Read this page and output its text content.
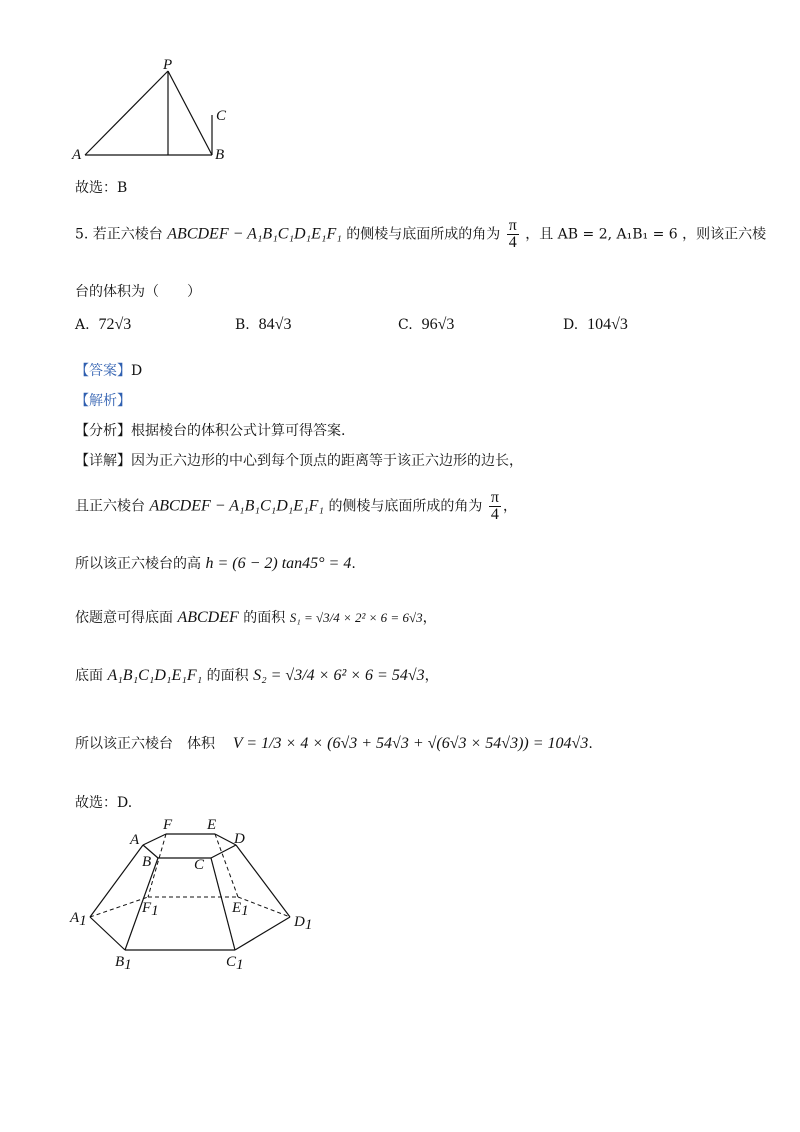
P
A	B
C
故选：B
5. 若正六棱台 ABCDEF − A₁B₁C₁D₁E₁F₁ 的侧棱与底面所成的角为 $\frac{\pi}{4}$ ，且 AB = 2, A₁B₁ = 6 ，则该正六棱
台的体积为（　　）
A. 72√3	B. 84√3	C. 96√3	D. 104√3
【答案】D
【解析】
【分析】根据棱台的体积公式计算可得答案.
【详解】因为正六边形的中心到每个顶点的距离等于该正六边形的边长，
且正六棱台 ABCDEF − A₁B₁C₁D₁E₁F₁ 的侧棱与底面所成的角为 $\frac{\pi}{4}$ ，
所以该正六棱台的高 h = (6 − 2) tan45° = 4.
依题意可得底面 ABCDEF 的面积 S₁ = √3/4 × 2² × 6 = 6√3，
底面 A₁B₁C₁D₁E₁F₁ 的面积 S₂ = √3/4 × 6² × 6 = 54√3，
所以该正六棱台　体积 V = 1/3 × 4 × (6√3 + 54√3 + √(6√3 × 54√3)) = 104√3.
故选：D.
A
F E
D
B	C
A1
F1	E1
D1
B1	C1
